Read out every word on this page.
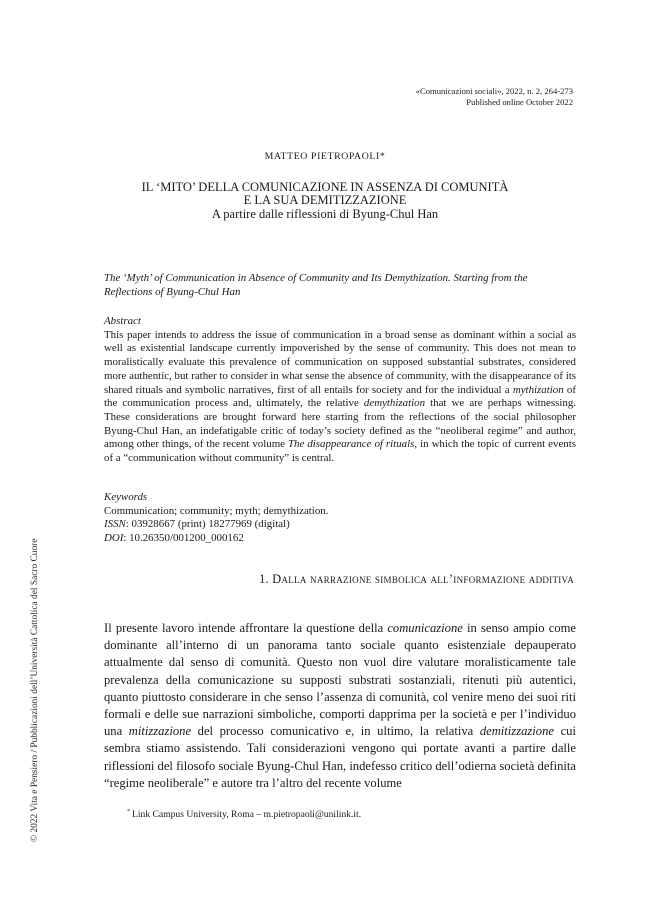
«Comunicazioni sociali», 2022, n. 2, 264-273
Published online October 2022
MATTEO PIETROPAOLI*
IL ‘MITO’ DELLA COMUNICAZIONE IN ASSENZA DI COMUNITÀ
E LA SUA DEMITIZZAZIONE
A partire dalle riflessioni di Byung-Chul Han
The ‘Myth’ of Communication in Absence of Community and Its Demythization. Starting from the Reflections of Byung-Chul Han
Abstract

This paper intends to address the issue of communication in a broad sense as dominant within a social as well as existential landscape currently impoverished by the sense of community. This does not mean to moralistically evaluate this prevalence of communication on supposed substantial substrates, considered more authentic, but rather to consider in what sense the absence of community, with the disappearance of its shared rituals and symbolic narratives, first of all entails for society and for the individual a mythization of the communication process and, ultimately, the relative demythization that we are perhaps witnessing. These considerations are brought forward here starting from the reflections of the social philosopher Byung-Chul Han, an indefatigable critic of today’s society defined as the “neoliberal regime” and author, among other things, of the recent volume The disappearance of rituals, in which the topic of current events of a “communication without community” is central.

Keywords
Communication; community; myth; demythization.
ISSN: 03928667 (print) 18277969 (digital)
DOI: 10.26350/001200_000162
1. Dalla narrazione simbolica all’informazione additiva

Il presente lavoro intende affrontare la questione della comunicazione in senso ampio come dominante all’interno di un panorama tanto sociale quanto esistenziale depauperato attualmente dal senso di comunità. Questo non vuol dire valutare moralisticamente tale prevalenza della comunicazione su supposti substrati sostanziali, ritenuti più autentici, quanto piuttosto considerare in che senso l’assenza di comunità, col venire meno dei suoi riti formali e delle sue narrazioni simboliche, comporti dapprima per la società e per l’individuo una mitizzazione del processo comunicativo e, in ultimo, la relativa demitizzazione cui sembra stiamo assistendo. Tali considerazioni vengono qui portate avanti a partire dalle riflessioni del filosofo sociale Byung-Chul Han, indefesso critico dell’odierna società definita “regime neoliberale” e autore tra l’altro del recente volume

* Link Campus University, Roma – m.pietropaoli@unilink.it.
© 2022 Vita e Pensiero / Pubblicazioni dell’Università Cattolica del Sacro Cuore
